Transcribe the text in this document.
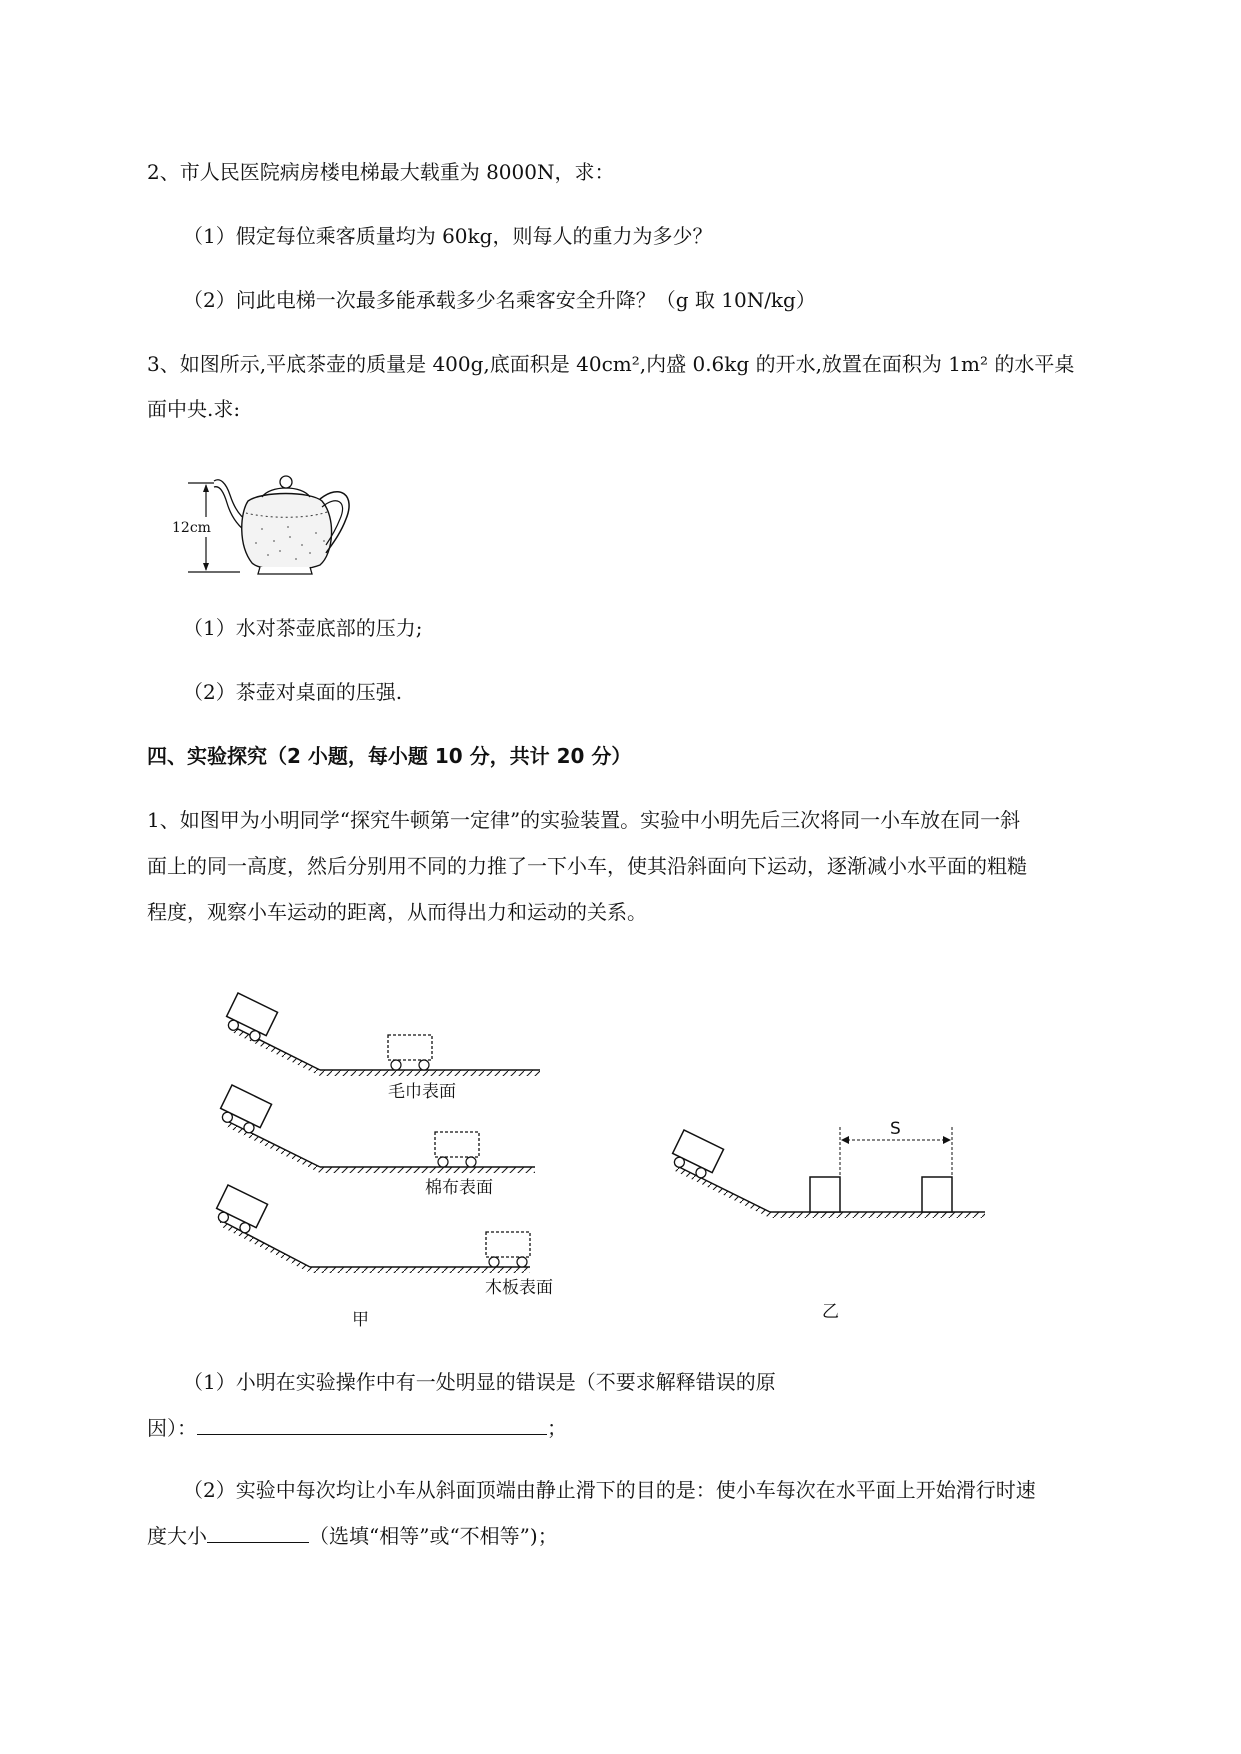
2、市人民医院病房楼电梯最大载重为 8000N，求：
（1）假定每位乘客质量均为 60kg，则每人的重力为多少？
（2）问此电梯一次最多能承载多少名乘客安全升降？（g 取 10N/kg）
3、如图所示,平底茶壶的质量是 400g,底面积是 40cm²,内盛 0.6kg 的开水,放置在面积为 1m² 的水平桌
面中央.求:
12cm
（1）水对茶壶底部的压力;
（2）茶壶对桌面的压强.
四、实验探究（2 小题，每小题 10 分，共计 20 分）
1、如图甲为小明同学“探究牛顿第一定律”的实验装置。实验中小明先后三次将同一小车放在同一斜
面上的同一高度，然后分别用不同的力推了一下小车，使其沿斜面向下运动，逐渐减小水平面的粗糙
程度，观察小车运动的距离，从而得出力和运动的关系。
毛巾表面
棉布表面
木板表面
甲
S
乙
（1）小明在实验操作中有一处明显的错误是（不要求解释错误的原
因）：	；
（2）实验中每次均让小车从斜面顶端由静止滑下的目的是：使小车每次在水平面上开始滑行时速
度大小	（选填“相等”或“不相等”)；
